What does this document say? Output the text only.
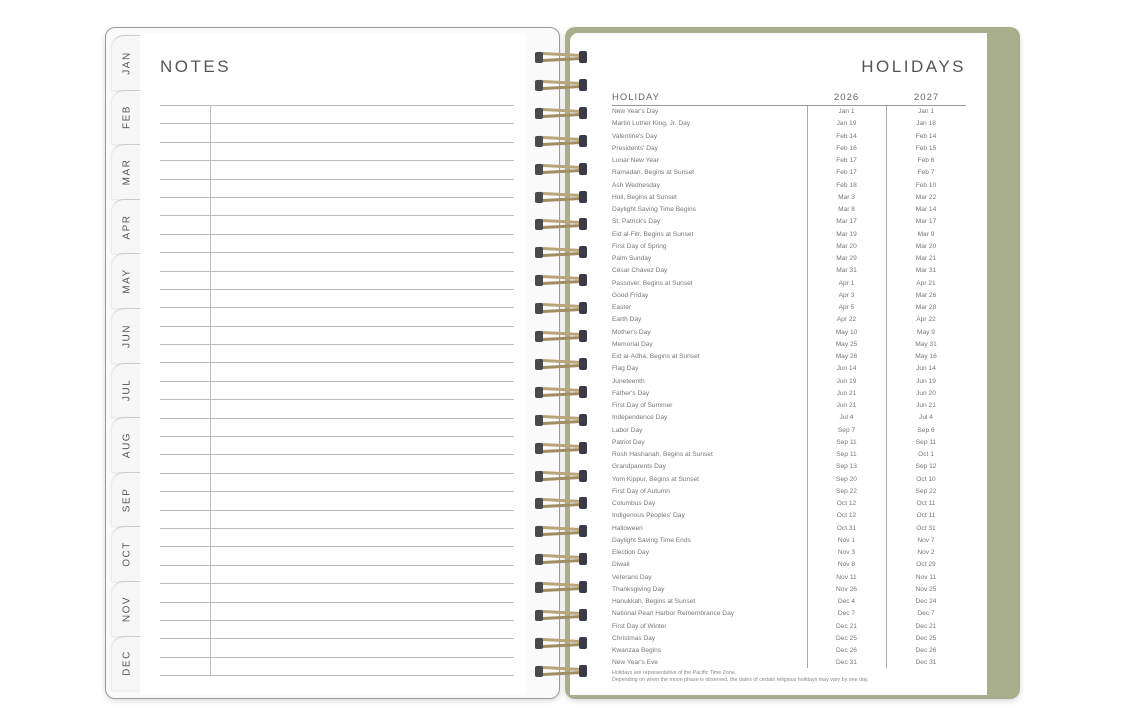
JAN
FEB
MAR
APR
MAY
JUN
JUL
AUG
SEP
OCT
NOV
DEC
NOTES	HOLIDAYS
HOLIDAY	2026	2027
New Year's Day	Jan 1	Jan 1
Martin Luther King, Jr. Day	Jan 19	Jan 18
Valentine's Day	Feb 14	Feb 14
Presidents' Day	Feb 16	Feb 15
Lunar New Year	Feb 17	Feb 6
Ramadan, Begins at Sunset	Feb 17	Feb 7
Ash Wednesday	Feb 18	Feb 10
Holi, Begins at Sunset	Mar 3	Mar 22
Daylight Saving Time Begins	Mar 8	Mar 14
St. Patrick's Day	Mar 17	Mar 17
Eid al-Fitr, Begins at Sunset	Mar 19	Mar 9
First Day of Spring	Mar 20	Mar 20
Palm Sunday	Mar 29	Mar 21
César Chávez Day	Mar 31	Mar 31
Passover, Begins at Sunset	Apr 1	Apr 21
Good Friday	Apr 3	Mar 26
Easter	Apr 5	Mar 28
Earth Day	Apr 22	Apr 22
Mother's Day	May 10	May 9
Memorial Day	May 25	May 31
Eid al-Adha, Begins at Sunset	May 26	May 16
Flag Day	Jun 14	Jun 14
Juneteenth	Jun 19	Jun 19
Father's Day	Jun 21	Jun 20
First Day of Summer	Jun 21	Jun 21
Independence Day	Jul 4	Jul 4
Labor Day	Sep 7	Sep 6
Patriot Day	Sep 11	Sep 11
Rosh Hashanah, Begins at Sunset	Sep 11	Oct 1
Grandparents Day	Sep 13	Sep 12
Yom Kippur, Begins at Sunset	Sep 20	Oct 10
First Day of Autumn	Sep 22	Sep 22
Columbus Day	Oct 12	Oct 11
Indigenous Peoples' Day	Oct 12	Oct 11
Halloween	Oct 31	Oct 31
Daylight Saving Time Ends	Nov 1	Nov 7
Election Day	Nov 3	Nov 2
Diwali	Nov 8	Oct 29
Veterans Day	Nov 11	Nov 11
Thanksgiving Day	Nov 26	Nov 25
Hanukkah, Begins at Sunset	Dec 4	Dec 24
National Pearl Harbor Remembrance Day	Dec 7	Dec 7
First Day of Winter	Dec 21	Dec 21
Christmas Day	Dec 25	Dec 25
Kwanzaa Begins	Dec 26	Dec 26
New Year's Eve	Dec 31	Dec 31
Holidays are representative of the Pacific Time Zone.
Depending on when the moon phase is observed, the dates of certain religious holidays may vary by one day.
